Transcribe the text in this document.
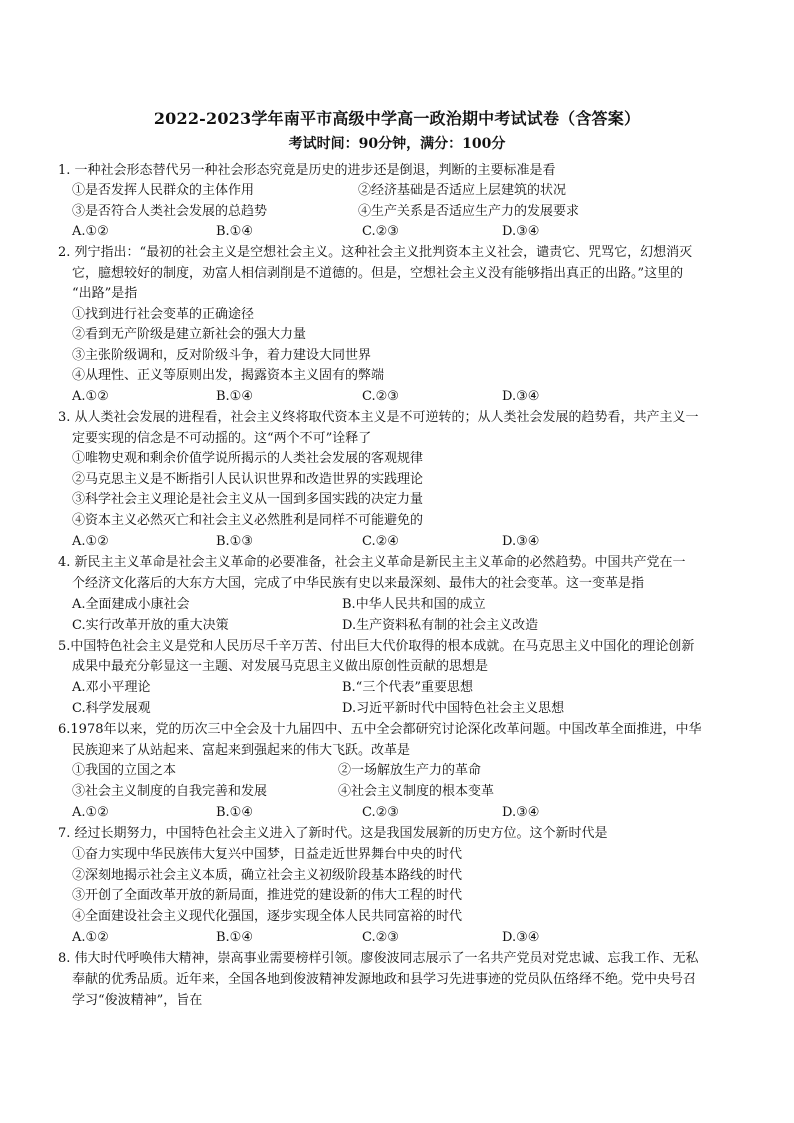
2022-2023学年南平市高级中学高一政治期中考试试卷（含答案）
考试时间：90分钟，满分：100分
1. 一种社会形态替代另一种社会形态究竟是历史的进步还是倒退，判断的主要标准是看
①是否发挥人民群众的主体作用	②经济基础是否适应上层建筑的状况
③是否符合人类社会发展的总趋势	④生产关系是否适应生产力的发展要求
A.①②	B.①④	C.②③	D.③④
2. 列宁指出：“最初的社会主义是空想社会主义。这种社会主义批判资本主义社会，谴责它、咒骂它，幻想消灭
它，臆想较好的制度，劝富人相信剥削是不道德的。但是，空想社会主义没有能够指出真正的出路。”这里的
“出路”是指
①找到进行社会变革的正确途径
②看到无产阶级是建立新社会的强大力量
③主张阶级调和，反对阶级斗争，着力建设大同世界
④从理性、正义等原则出发，揭露资本主义固有的弊端
A.①②	B.①④	C.②③	D.③④
3. 从人类社会发展的进程看，社会主义终将取代资本主义是不可逆转的；从人类社会发展的趋势看，共产主义一
定要实现的信念是不可动摇的。这“两个不可”诠释了
①唯物史观和剩余价值学说所揭示的人类社会发展的客观规律
②马克思主义是不断指引人民认识世界和改造世界的实践理论
③科学社会主义理论是社会主义从一国到多国实践的决定力量
④资本主义必然灭亡和社会主义必然胜利是同样不可能避免的
A.①②	B.①③	C.②④	D.③④
4. 新民主主义革命是社会主义革命的必要准备，社会主义革命是新民主主义革命的必然趋势。中国共产党在一
个经济文化落后的大东方大国，完成了中华民族有史以来最深刻、最伟大的社会变革。这一变革是指
A.全面建成小康社会	B.中华人民共和国的成立
C.实行改革开放的重大决策	D.生产资料私有制的社会主义改造
5.中国特色社会主义是党和人民历尽千辛万苦、付出巨大代价取得的根本成就。在马克思主义中国化的理论创新
成果中最充分彰显这一主题、对发展马克思主义做出原创性贡献的思想是
A.邓小平理论	B.“三个代表”重要思想
C.科学发展观	D.习近平新时代中国特色社会主义思想
6.1978年以来，党的历次三中全会及十九届四中、五中全会都研究讨论深化改革问题。中国改革全面推进，中华
民族迎来了从站起来、富起来到强起来的伟大飞跃。改革是
①我国的立国之本	②一场解放生产力的革命
③社会主义制度的自我完善和发展	④社会主义制度的根本变革
A.①②	B.①④	C.②③	D.③④
7. 经过长期努力，中国特色社会主义进入了新时代。这是我国发展新的历史方位。这个新时代是
①奋力实现中华民族伟大复兴中国梦，日益走近世界舞台中央的时代
②深刻地揭示社会主义本质，确立社会主义初级阶段基本路线的时代
③开创了全面改革开放的新局面，推进党的建设新的伟大工程的时代
④全面建设社会主义现代化强国，逐步实现全体人民共同富裕的时代
A.①②	B.①④	C.②③	D.③④
8. 伟大时代呼唤伟大精神，崇高事业需要榜样引领。廖俊波同志展示了一名共产党员对党忠诚、忘我工作、无私
奉献的优秀品质。近年来，全国各地到俊波精神发源地政和县学习先进事迹的党员队伍络绎不绝。党中央号召
学习“俊波精神”，旨在
